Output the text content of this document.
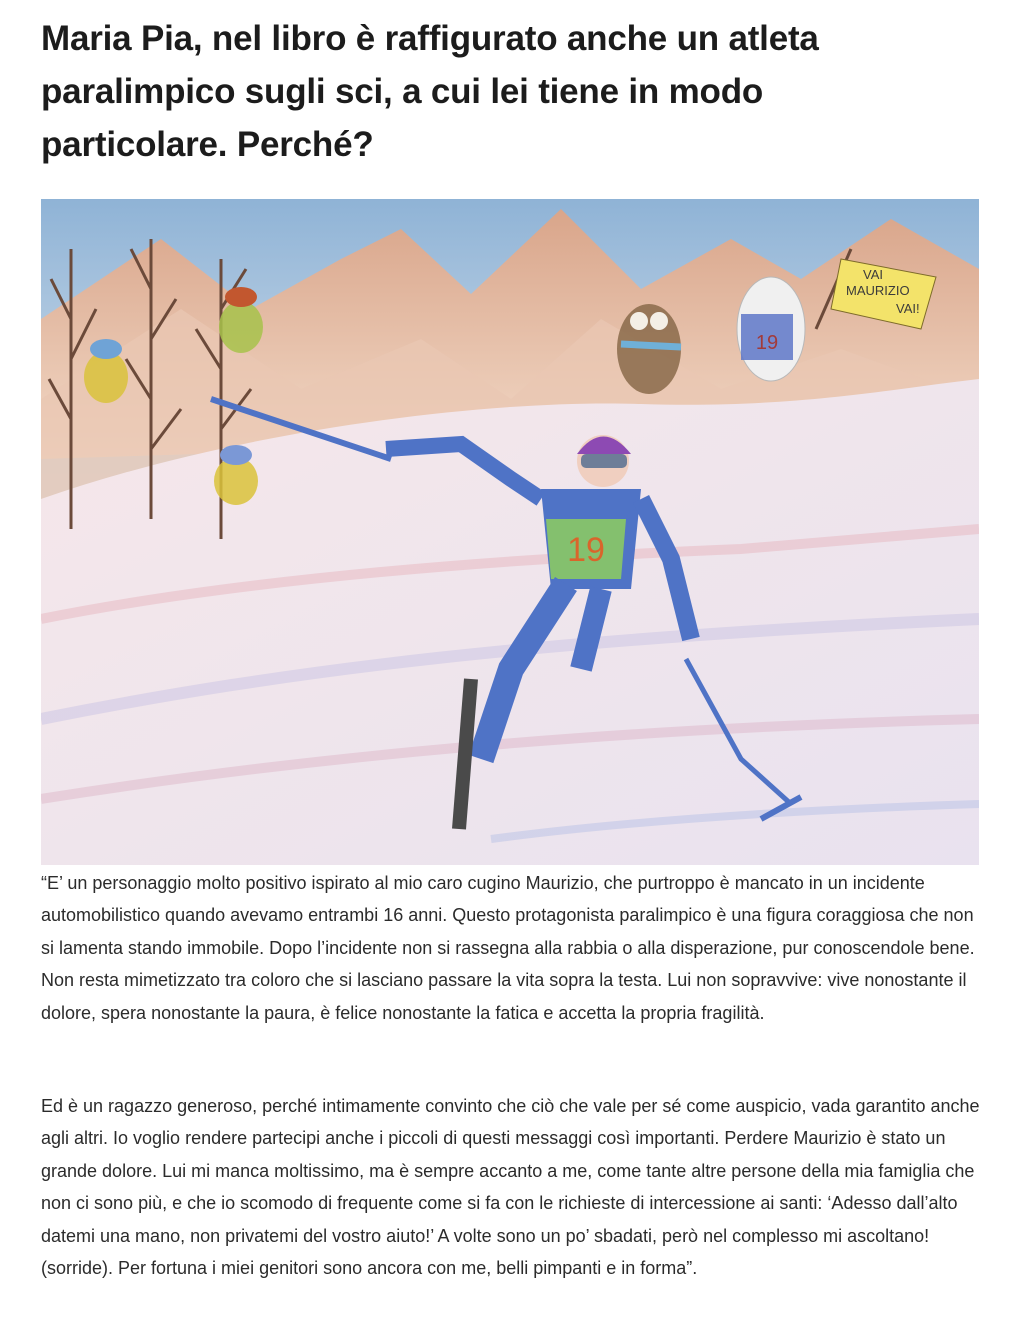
Maria Pia, nel libro è raffigurato anche un atleta paralimpico sugli sci, a cui lei tiene in modo particolare. Perché?
19
VAI
MAURIZIO
VAI!
19

“E’ un personaggio molto positivo ispirato al mio caro cugino Maurizio, che purtroppo è mancato in un incidente automobilistico quando avevamo entrambi 16 anni. Questo protagonista paralimpico è una figura coraggiosa che non si lamenta stando immobile. Dopo l’incidente non si rassegna alla rabbia o alla disperazione, pur conoscendole bene. Non resta mimetizzato tra coloro che si lasciano passare la vita sopra la testa. Lui non sopravvive: vive nonostante il dolore, spera nonostante la paura, è felice nonostante la fatica e accetta la propria fragilità.

Ed è un ragazzo generoso, perché intimamente convinto che ciò che vale per sé come auspicio, vada garantito anche agli altri. Io voglio rendere partecipi anche i piccoli di questi messaggi così importanti. Perdere Maurizio è stato un grande dolore. Lui mi manca moltissimo, ma è sempre accanto a me, come tante altre persone della mia famiglia che non ci sono più, e che io scomodo di frequente come si fa con le richieste di intercessione ai santi: ‘Adesso dall’alto datemi una mano, non privatemi del vostro aiuto!’ A volte sono un po’ sbadati, però nel complesso mi ascoltano! (sorride). Per fortuna i miei genitori sono ancora con me, belli pimpanti e in forma”.
